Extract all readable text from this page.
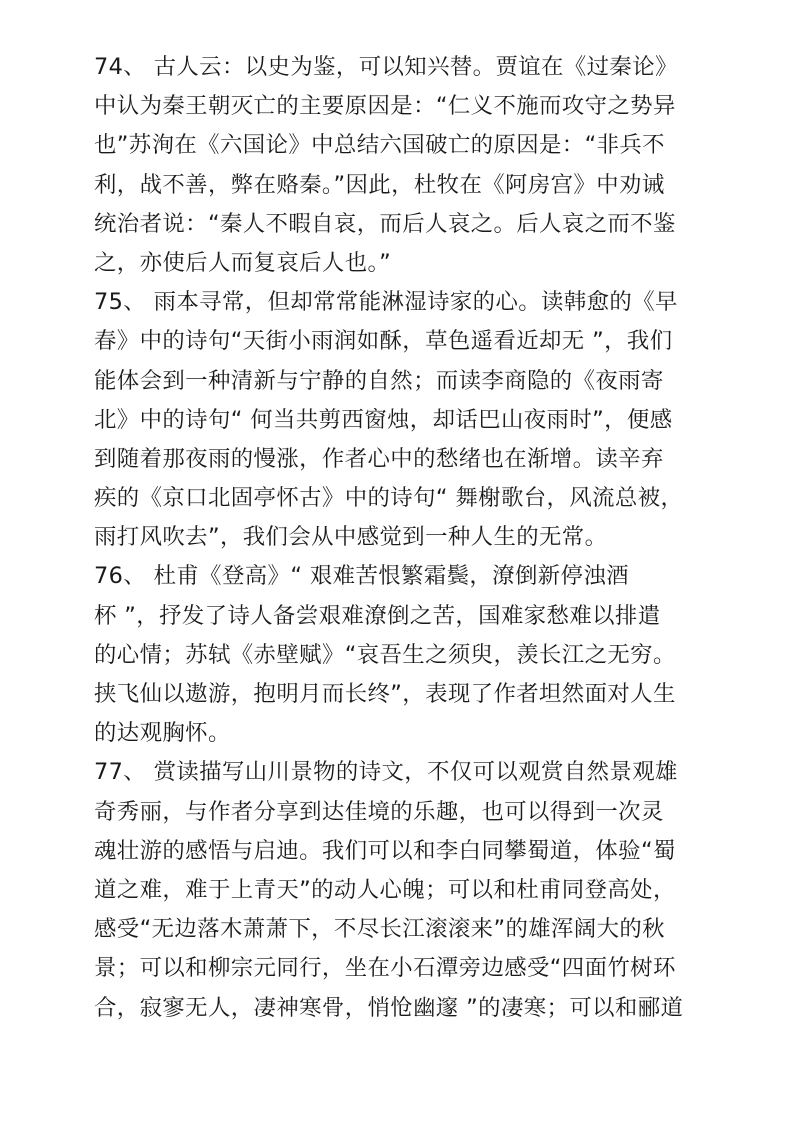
74、 古人云：以史为鉴，可以知兴替。贾谊在《过秦论》
中认为秦王朝灭亡的主要原因是：“仁义不施而攻守之势异
也”苏洵在《六国论》中总结六国破亡的原因是：“非兵不
利，战不善，弊在赂秦。”因此，杜牧在《阿房宫》中劝诫
统治者说：“秦人不暇自哀，而后人哀之。后人哀之而不鉴
之，亦使后人而复哀后人也。”
75、 雨本寻常，但却常常能淋湿诗家的心。读韩愈的《早
春》中的诗句“天街小雨润如酥，草色遥看近却无 ”，我们
能体会到一种清新与宁静的自然；而读李商隐的《夜雨寄
北》中的诗句“ 何当共剪西窗烛，却话巴山夜雨时”，便感
到随着那夜雨的慢涨，作者心中的愁绪也在渐增。读辛弃
疾的《京口北固亭怀古》中的诗句“ 舞榭歌台，风流总被，
雨打风吹去”，我们会从中感觉到一种人生的无常。
76、 杜甫《登高》“ 艰难苦恨繁霜鬓，潦倒新停浊酒
杯 ”，抒发了诗人备尝艰难潦倒之苦，国难家愁难以排遣
的心情；苏轼《赤壁赋》“哀吾生之须臾，羡长江之无穷。
挟飞仙以遨游，抱明月而长终”，表现了作者坦然面对人生
的达观胸怀。
77、 赏读描写山川景物的诗文，不仅可以观赏自然景观雄
奇秀丽，与作者分享到达佳境的乐趣，也可以得到一次灵
魂壮游的感悟与启迪。我们可以和李白同攀蜀道，体验“蜀
道之难，难于上青天”的动人心魄；可以和杜甫同登高处，
感受“无边落木萧萧下，不尽长江滚滚来”的雄浑阔大的秋
景；可以和柳宗元同行，坐在小石潭旁边感受“四面竹树环
合，寂寥无人，凄神寒骨，悄怆幽邃 ”的凄寒；可以和郦道
